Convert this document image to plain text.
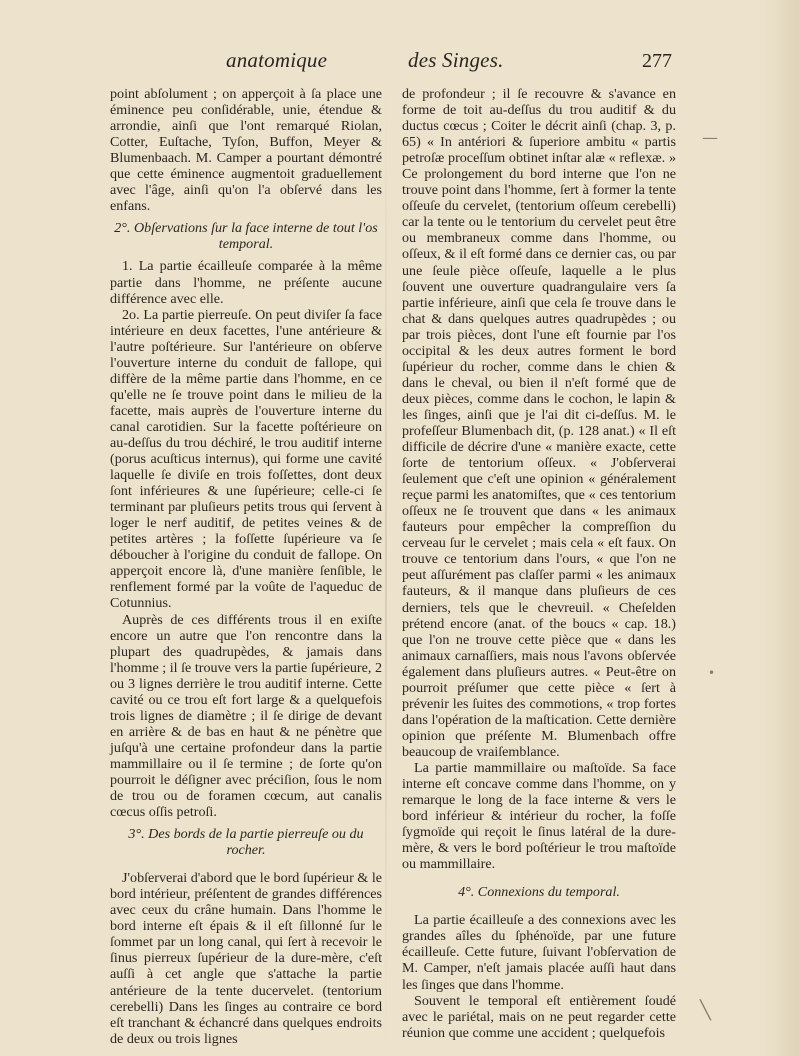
anatomique	des Singes.	277

point abſolument ; on apperçoit à ſa place une éminence peu conſidérable, unie, étendue & arrondie, ainſi que l'ont remarqué Riolan, Cotter, Euſtache, Tyſon, Buffon, Meyer & Blumenbaach. M. Camper a pourtant démontré que cette éminence augmentoit graduellement avec l'âge, ainſi qu'on l'a obſervé dans les enfans.

2°. Obſervations ſur la face interne de tout l'os temporal.

1. La partie écailleuſe comparée à la même partie dans l'homme, ne préſente aucune différence avec elle.

2o. La partie pierreuſe. On peut diviſer ſa face intérieure en deux facettes, l'une antérieure & l'autre poſtérieure. Sur l'antérieure on obſerve l'ouverture interne du conduit de fallope, qui diffère de la même partie dans l'homme, en ce qu'elle ne ſe trouve point dans le milieu de la facette, mais auprès de l'ouverture interne du canal carotidien. Sur la facette poſtérieure on au-deſſus du trou déchiré, le trou auditif interne (porus acuſticus internus), qui forme une cavité laquelle ſe diviſe en trois foſſettes, dont deux ſont inférieures & une ſupérieure; celle-ci ſe terminant par pluſieurs petits trous qui ſervent à loger le nerf auditif, de petites veines & de petites artères ; la foſſette ſupérieure va ſe déboucher à l'origine du conduit de fallope. On apperçoit encore là, d'une manière ſenſible, le renflement formé par la voûte de l'aqueduc de Cotunnius.

Auprès de ces différents trous il en exiſte encore un autre que l'on rencontre dans la plupart des quadrupèdes, & jamais dans l'homme ; il ſe trouve vers la partie ſupérieure, 2 ou 3 lignes derrière le trou auditif interne. Cette cavité ou ce trou eſt fort large & a quelquefois trois lignes de diamètre ; il ſe dirige de devant en arrière & de bas en haut & ne pénètre que juſqu'à une certaine profondeur dans la partie mammillaire ou il ſe termine ; de ſorte qu'on pourroit le déſigner avec préciſion, ſous le nom de trou ou de foramen cœcum, aut canalis cœcus oſſis petroſi.

3°. Des bords de la partie pierreuſe ou du rocher.

J'obſerverai d'abord que le bord ſupérieur & le bord intérieur, préſentent de grandes différences avec ceux du crâne humain. Dans l'homme le bord interne eſt épais & il eſt ſillonné ſur le ſommet par un long canal, qui ſert à recevoir le ſinus pierreux ſupérieur de la dure-mère, c'eſt auſſi à cet angle que s'attache la partie antérieure de la tente ducervelet. (tentorium cerebelli) Dans les ſinges au contraire ce bord eſt tranchant & échancré dans quelques endroits de deux ou trois lignes

de profondeur ; il ſe recouvre & s'avance en forme de toit au-deſſus du trou auditif & du ductus cœcus ; Coiter le décrit ainſi (chap. 3, p. 65) « In antériori & ſuperiore ambitu « partis petroſæ proceſſum obtinet inſtar alæ « reflexæ. » Ce prolongement du bord interne que l'on ne trouve point dans l'homme, ſert à former la tente oſſeuſe du cervelet, (tentorium oſſeum cerebelli) car la tente ou le tentorium du cervelet peut être ou membraneux comme dans l'homme, ou oſſeux, & il eſt formé dans ce dernier cas, ou par une ſeule pièce oſſeuſe, laquelle a le plus ſouvent une ouverture quadrangulaire vers ſa partie inférieure, ainſi que cela ſe trouve dans le chat & dans quelques autres quadrupèdes ; ou par trois pièces, dont l'une eſt fournie par l'os occipital & les deux autres forment le bord ſupérieur du rocher, comme dans le chien & dans le cheval, ou bien il n'eſt formé que de deux pièces, comme dans le cochon, le lapin & les ſinges, ainſi que je l'ai dit ci-deſſus. M. le profeſſeur Blumenbach dit, (p. 128 anat.) « Il eſt difficile de décrire d'une « manière exacte, cette ſorte de tentorium oſſeux. « J'obſerverai ſeulement que c'eſt une opinion « généralement reçue parmi les anatomiſtes, que « ces tentorium oſſeux ne ſe trouvent que dans « les animaux fauteurs pour empêcher la compreſſion du cerveau ſur le cervelet ; mais cela « eſt faux. On trouve ce tentorium dans l'ours, « que l'on ne peut aſſurément pas claſſer parmi « les animaux fauteurs, & il manque dans pluſieurs de ces derniers, tels que le chevreuil. « Cheſelden prétend encore (anat. of the boucs « cap. 18.) que l'on ne trouve cette pièce que « dans les animaux carnaſſiers, mais nous l'avons obſervée également dans pluſieurs autres. « Peut-être on pourroit préſumer que cette pièce « ſert à prévenir les ſuites des commotions, « trop fortes dans l'opération de la maſtication. Cette dernière opinion que préſente M. Blumenbach offre beaucoup de vraiſemblance.

La partie mammillaire ou maſtoïde. Sa face interne eſt concave comme dans l'homme, on y remarque le long de la face interne & vers le bord inférieur & intérieur du rocher, la foſſe ſygmoïde qui reçoit le ſinus latéral de la dure-mère, & vers le bord poſtérieur le trou maſtoïde ou mammillaire.

4°. Connexions du temporal.

La partie écailleuſe a des connexions avec les grandes aîles du ſphénoïde, par une future écailleuſe. Cette future, ſuivant l'obſervation de M. Camper, n'eſt jamais placée auſſi haut dans les ſinges que dans l'homme.

Souvent le temporal eſt entièrement ſoudé avec le pariétal, mais on ne peut regarder cette réunion que comme une accident ; quelquefois

—
•
╲
